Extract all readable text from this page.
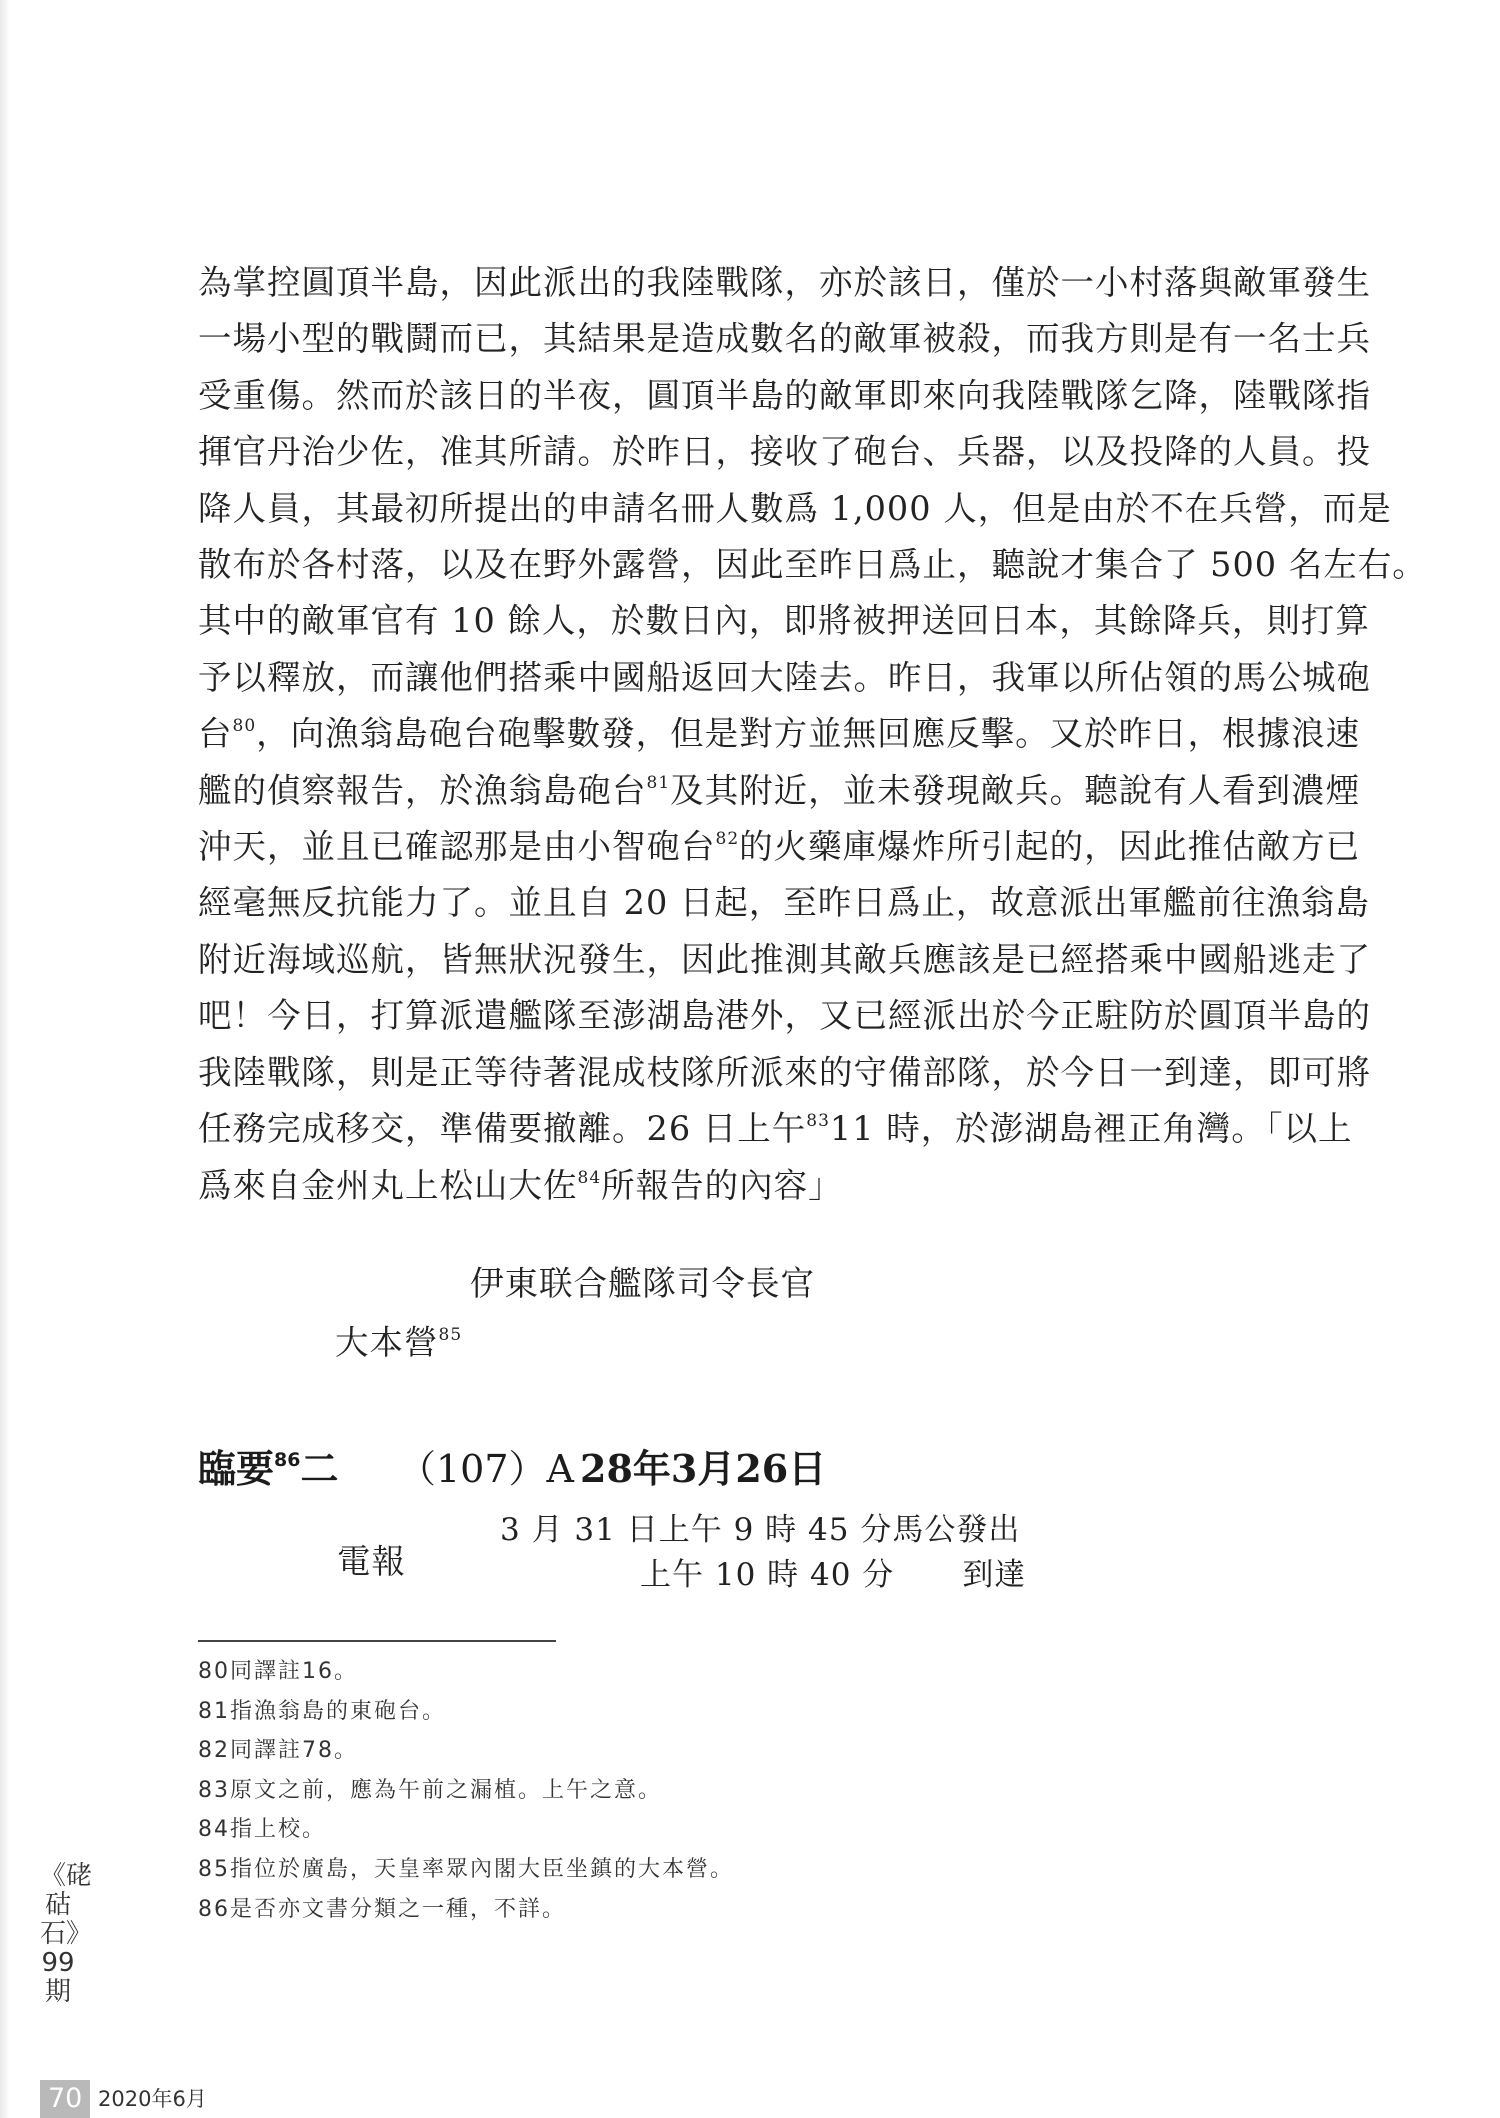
為掌控圓頂半島，因此派出的我陸戰隊，亦於該日，僅於一小村落與敵軍發生
一場小型的戰鬪而已，其結果是造成數名的敵軍被殺，而我方則是有一名士兵
受重傷。然而於該日的半夜，圓頂半島的敵軍即來向我陸戰隊乞降，陸戰隊指
揮官丹治少佐，准其所請。於昨日，接收了砲台、兵器，以及投降的人員。投
降人員，其最初所提出的申請名冊人數爲 1,000 人，但是由於不在兵營，而是
散布於各村落，以及在野外露營，因此至昨日爲止，聽說才集合了 500 名左右。
其中的敵軍官有 10 餘人，於數日內，即將被押送回日本，其餘降兵，則打算
予以釋放，而讓他們搭乘中國船返回大陸去。昨日，我軍以所佔領的馬公城砲
台$^{80}$，向漁翁島砲台砲擊數發，但是對方並無回應反擊。又於昨日，根據浪速
艦的偵察報告，於漁翁島砲台$^{81}$及其附近，並未發現敵兵。聽說有人看到濃煙
沖天，並且已確認那是由小智砲台$^{82}$的火藥庫爆炸所引起的，因此推估敵方已
經毫無反抗能力了。並且自 20 日起，至昨日爲止，故意派出軍艦前往漁翁島
附近海域巡航，皆無狀況發生，因此推測其敵兵應該是已經搭乘中國船逃走了
吧！今日，打算派遣艦隊至澎湖島港外，又已經派出於今正駐防於圓頂半島的
我陸戰隊，則是正等待著混成枝隊所派來的守備部隊，於今日一到達，即可將
任務完成移交，準備要撤離。26 日上午$^{83}$11 時，於澎湖島裡正角灣。「以上
爲來自金州丸上松山大佐$^{84}$所報告的內容」
伊東联合艦隊司令長官
大本營$^{85}$
臨要$^{86}$二 （107）A 28年3月26日
電報
3 月 31 日上午 9 時 45 分馬公發出
上午 10 時 40 分 到達
80同譯註16。
81指漁翁島的東砲台。
82同譯註78。
83原文之前，應為午前之漏植。上午之意。
84指上校。
85指位於廣島，天皇率眾內閣大臣坐鎮的大本營。
86是否亦文書分類之一種，不詳。
《硓𥑮石》99期
70 2020年6月
